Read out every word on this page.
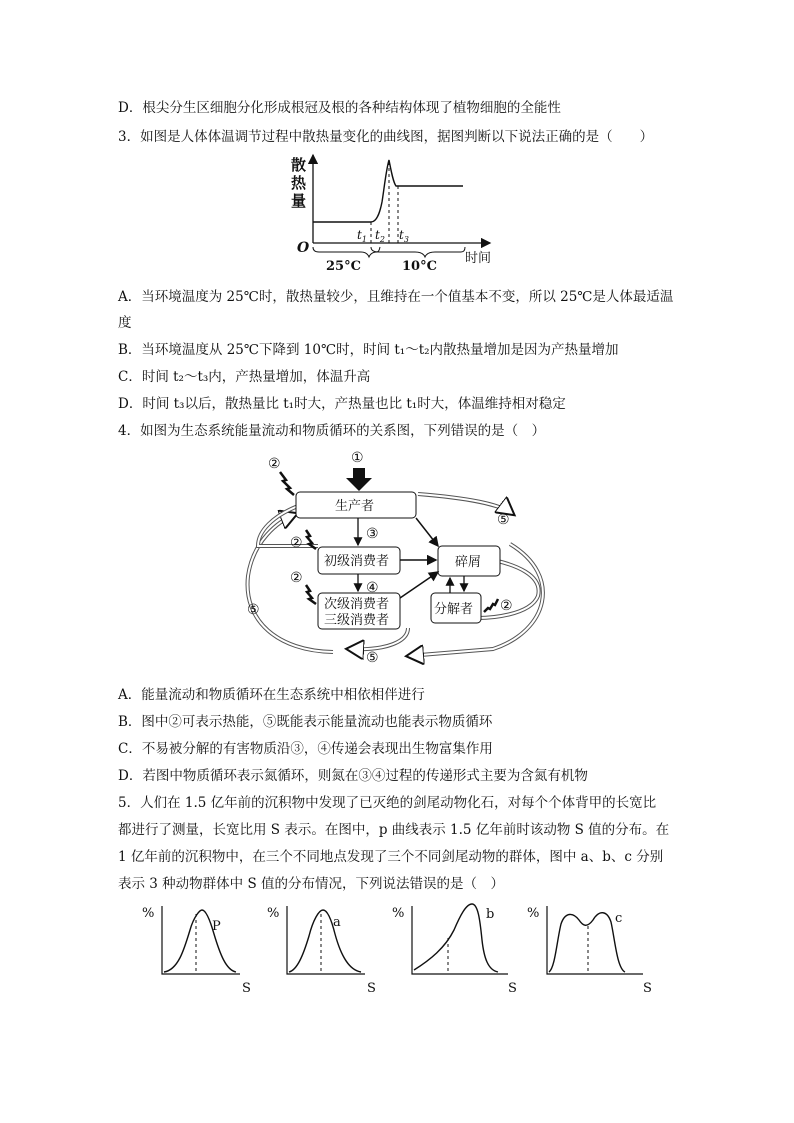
D．根尖分生区细胞分化形成根冠及根的各种结构体现了植物细胞的全能性
3．如图是人体体温调节过程中散热量变化的曲线图，据图判断以下说法正确的是（　　）
散
热
量
O
时间
$t_1$ $t_2$ $t_3$
25°C	10°C
A．当环境温度为 25℃时，散热量较少，且维持在一个值基本不变，所以 25℃是人体最适温
度
B．当环境温度从 25℃下降到 10℃时，时间 t₁～t₂内散热量增加是因为产热量增加
C．时间 t₂～t₃内，产热量增加，体温升高
D．时间 t₃以后，散热量比 t₁时大，产热量也比 t₁时大，体温维持相对稳定
4．如图为生态系统能量流动和物质循环的关系图，下列错误的是（　）
①
②
②
②
②
生产者
初级消费者
次级消费者
三级消费者
碎屑
分解者
③
④
⑤
⑤
⑤
A．能量流动和物质循环在生态系统中相依相伴进行
B．图中②可表示热能，⑤既能表示能量流动也能表示物质循环
C．不易被分解的有害物质沿③，④传递会表现出生物富集作用
D．若图中物质循环表示氮循环，则氮在③④过程的传递形式主要为含氮有机物
5．人们在 1.5 亿年前的沉积物中发现了已灭绝的剑尾动物化石，对每个个体背甲的长宽比
都进行了测量，长宽比用 S 表示。在图中，p 曲线表示 1.5 亿年前时该动物 S 值的分布。在
1 亿年前的沉积物中，在三个不同地点发现了三个不同剑尾动物的群体，图中 a、b、c 分别
表示 3 种动物群体中 S 值的分布情况，下列说法错误的是（　）
%
P
S
%
a
S
%	b
S
%	c
S
